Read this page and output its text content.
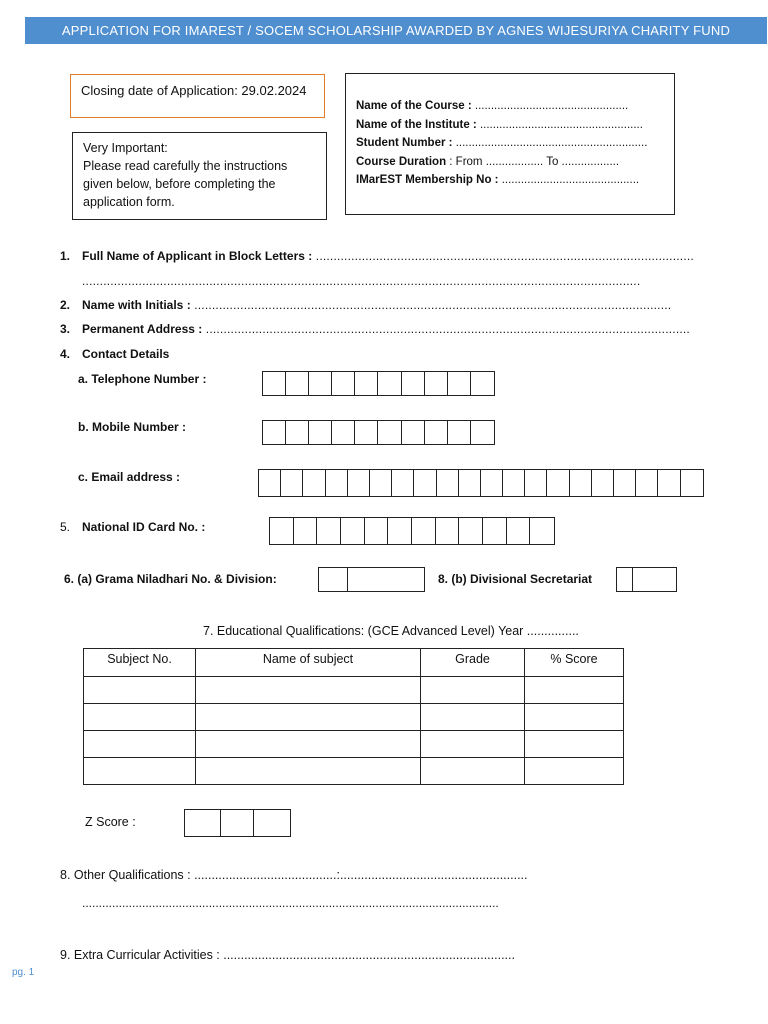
APPLICATION FOR IMAREST / SOCEM SCHOLARSHIP AWARDED BY AGNES WIJESURIYA CHARITY FUND
Closing date of Application: 29.02.2024
Very Important:
Please read carefully the instructions
given below, before completing the
application form.
Name of the Course : ................................................
Name of the Institute : ...................................................
Student Number : ............................................................
Course Duration : From .................. To ..................
IMarEST Membership No : ...........................................
1. Full Name of Applicant in Block Letters : ...........................................................................................................
..............................................................................................................................................................
2. Name with Initials : .......................................................................................................................................
3. Permanent Address : .........................................................................................................................................
4. Contact Details
a. Telephone Number :
b. Mobile Number :
c. Email address :
5. National ID Card No. :
6. (a) Grama Niladhari No. & Division:	8. (b) Divisional Secretariat
7. Educational Qualifications: (GCE Advanced Level) Year ...............
Subject No.	Name of subject	Grade	% Score

Z Score :
8. Other Qualifications : .........................................:......................................................
.............................................................................................................................
9. Extra Curricular Activities : ....................................................................................
pg. 1
